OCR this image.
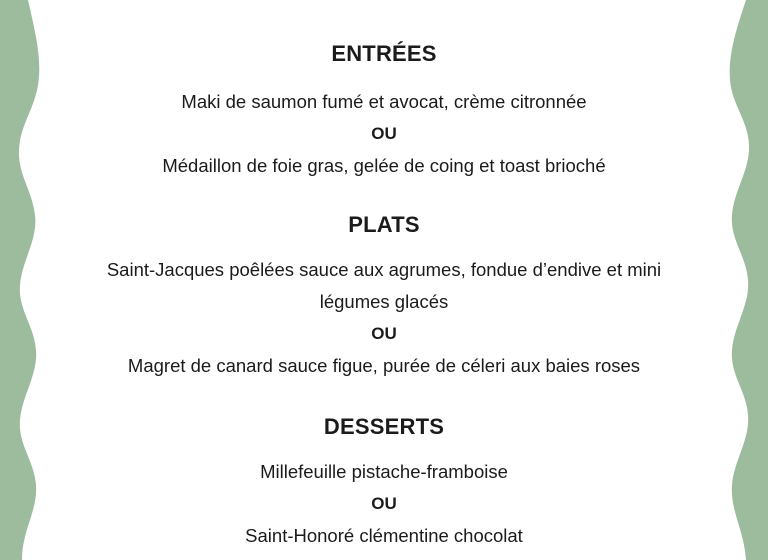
ENTRÉES

Maki de saumon fumé et avocat, crème citronnée

OU

Médaillon de foie gras, gelée de coing et toast brioché

PLATS

Saint-Jacques poêlées sauce aux agrumes, fondue d’endive et mini

légumes glacés

OU

Magret de canard sauce figue, purée de céleri aux baies roses

DESSERTS

Millefeuille pistache-framboise

OU

Saint-Honoré clémentine chocolat
